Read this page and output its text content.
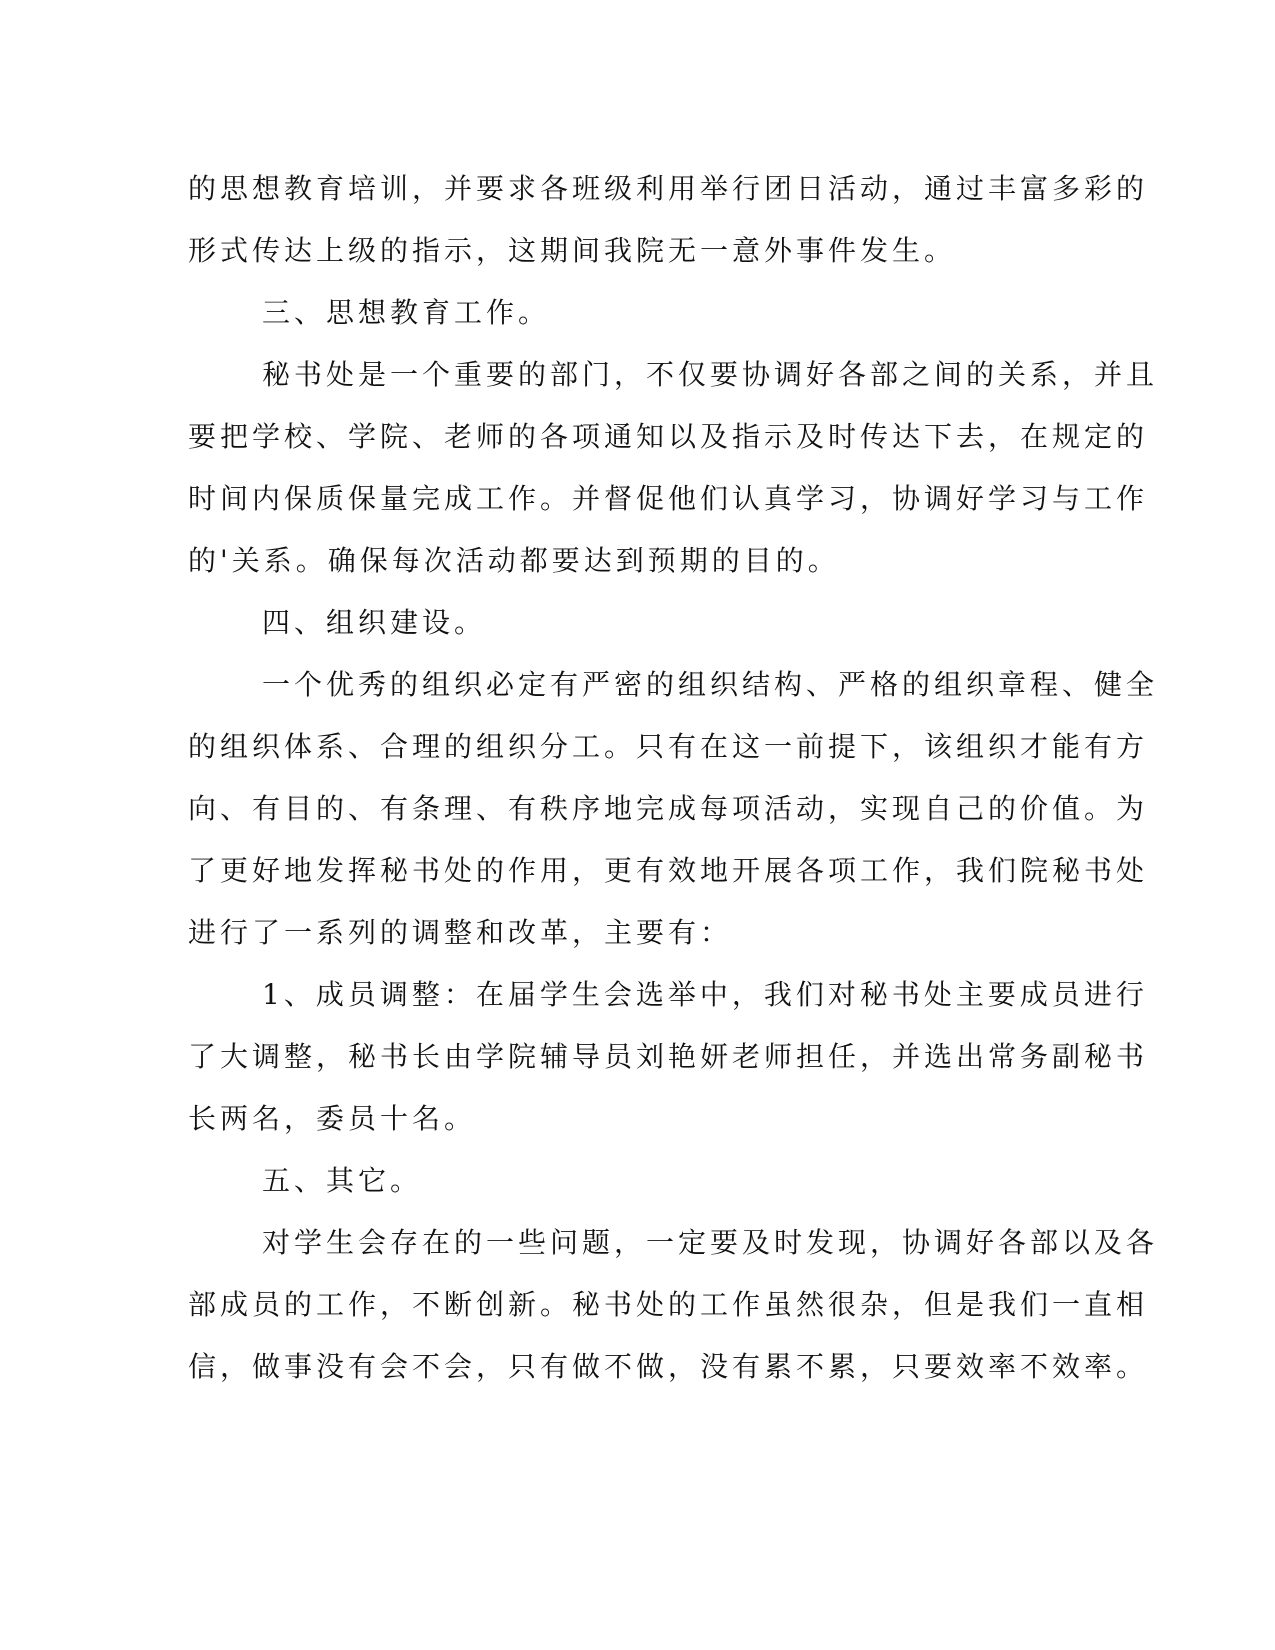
的思想教育培训，并要求各班级利用举行团日活动，通过丰富多彩的
形式传达上级的指示，这期间我院无一意外事件发生。
三、思想教育工作。
秘书处是一个重要的部门，不仅要协调好各部之间的关系，并且
要把学校、学院、老师的各项通知以及指示及时传达下去，在规定的
时间内保质保量完成工作。并督促他们认真学习，协调好学习与工作
的'关系。确保每次活动都要达到预期的目的。
四、组织建设。
一个优秀的组织必定有严密的组织结构、严格的组织章程、健全
的组织体系、合理的组织分工。只有在这一前提下，该组织才能有方
向、有目的、有条理、有秩序地完成每项活动，实现自己的价值。为
了更好地发挥秘书处的作用，更有效地开展各项工作，我们院秘书处
进行了一系列的调整和改革，主要有：
1、成员调整：在届学生会选举中，我们对秘书处主要成员进行
了大调整，秘书长由学院辅导员刘艳妍老师担任，并选出常务副秘书
长两名，委员十名。
五、其它。
对学生会存在的一些问题，一定要及时发现，协调好各部以及各
部成员的工作，不断创新。秘书处的工作虽然很杂，但是我们一直相
信，做事没有会不会，只有做不做，没有累不累，只要效率不效率。
